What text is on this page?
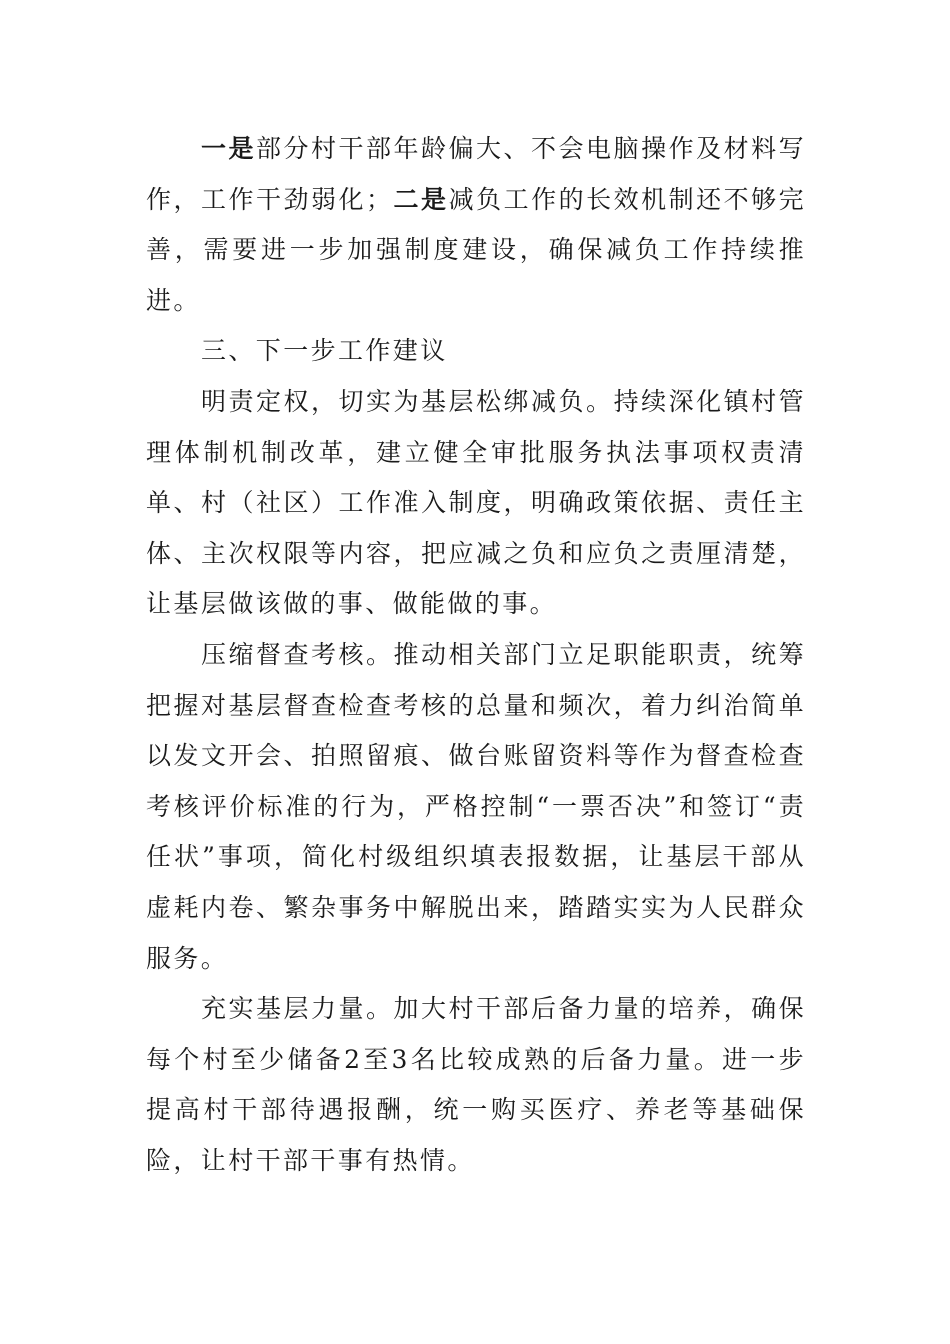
一是部分村干部年龄偏大、不会电脑操作及材料写作，工作干劲弱化；二是减负工作的长效机制还不够完善，需要进一步加强制度建设，确保减负工作持续推进。

三、下一步工作建议

明责定权，切实为基层松绑减负。持续深化镇村管理体制机制改革，建立健全审批服务执法事项权责清单、村（社区）工作准入制度，明确政策依据、责任主体、主次权限等内容，把应减之负和应负之责厘清楚，让基层做该做的事、做能做的事。

压缩督查考核。推动相关部门立足职能职责，统筹把握对基层督查检查考核的总量和频次，着力纠治简单以发文开会、拍照留痕、做台账留资料等作为督查检查考核评价标准的行为，严格控制“一票否决”和签订“责任状”事项，简化村级组织填表报数据，让基层干部从虚耗内卷、繁杂事务中解脱出来，踏踏实实为人民群众服务。

充实基层力量。加大村干部后备力量的培养，确保每个村至少储备2至3名比较成熟的后备力量。进一步提高村干部待遇报酬，统一购买医疗、养老等基础保险，让村干部干事有热情。
